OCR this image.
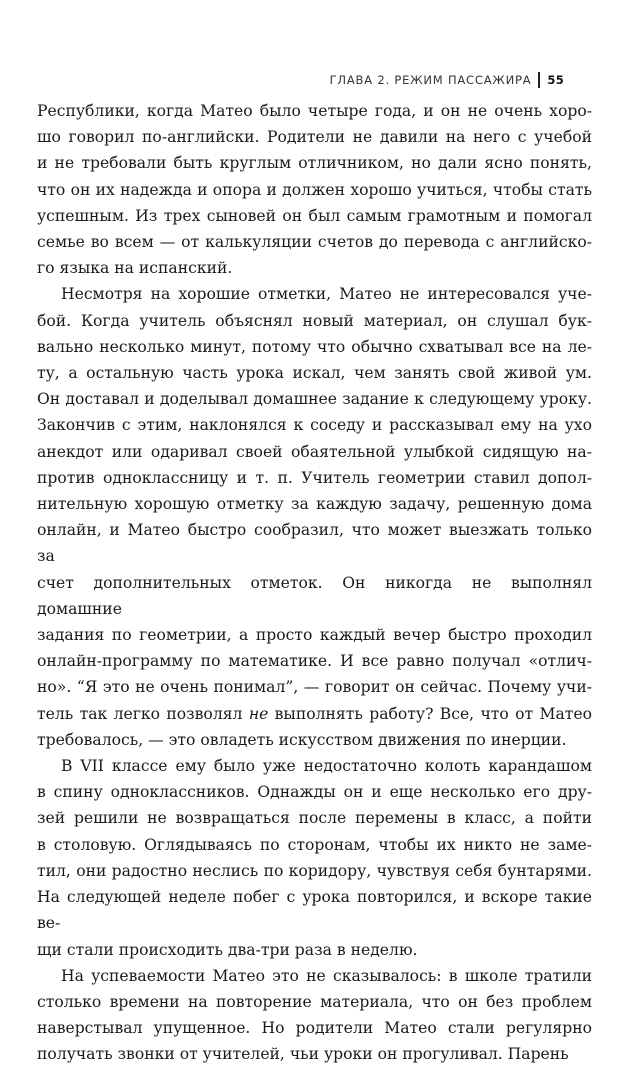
ГЛАВА 2. РЕЖИМ ПАССАЖИРА 55
Республики, когда Матео было четыре года, и он не очень хоро-
шо говорил по-английски. Родители не давили на него с учебой
и не требовали быть круглым отличником, но дали ясно понять,
что он их надежда и опора и должен хорошо учиться, чтобы стать
успешным. Из трех сыновей он был самым грамотным и помогал
семье во всем — от калькуляции счетов до перевода с английско-
го языка на испанский.
Несмотря на хорошие отметки, Матео не интересовался уче-
бой. Когда учитель объяснял новый материал, он слушал бук-
вально несколько минут, потому что обычно схватывал все на ле-
ту, а остальную часть урока искал, чем занять свой живой ум.
Он доставал и доделывал домашнее задание к следующему уроку.
Закончив с этим, наклонялся к соседу и рассказывал ему на ухо
анекдот или одаривал своей обаятельной улыбкой сидящую на-
против одноклассницу и т. п. Учитель геометрии ставил допол-
нительную хорошую отметку за каждую задачу, решенную дома
онлайн, и Матео быстро сообразил, что может выезжать только за
счет дополнительных отметок. Он никогда не выполнял домашние
задания по геометрии, а просто каждый вечер быстро проходил
онлайн-программу по математике. И все равно получал «отлич-
но». “Я это не очень понимал”, — говорит он сейчас. Почему учи-
тель так легко позволял не выполнять работу? Все, что от Матео
требовалось, — это овладеть искусством движения по инерции.
В VII классе ему было уже недостаточно колоть карандашом
в спину одноклассников. Однажды он и еще несколько его дру-
зей решили не возвращаться после перемены в класс, а пойти
в столовую. Оглядываясь по сторонам, чтобы их никто не заме-
тил, они радостно неслись по коридору, чувствуя себя бунтарями.
На следующей неделе побег с урока повторился, и вскоре такие ве-
щи стали происходить два-три раза в неделю.
На успеваемости Матео это не сказывалось: в школе тратили
столько времени на повторение материала, что он без проблем
наверстывал упущенное. Но родители Матео стали регулярно
получать звонки от учителей, чьи уроки он прогуливал. Парень
